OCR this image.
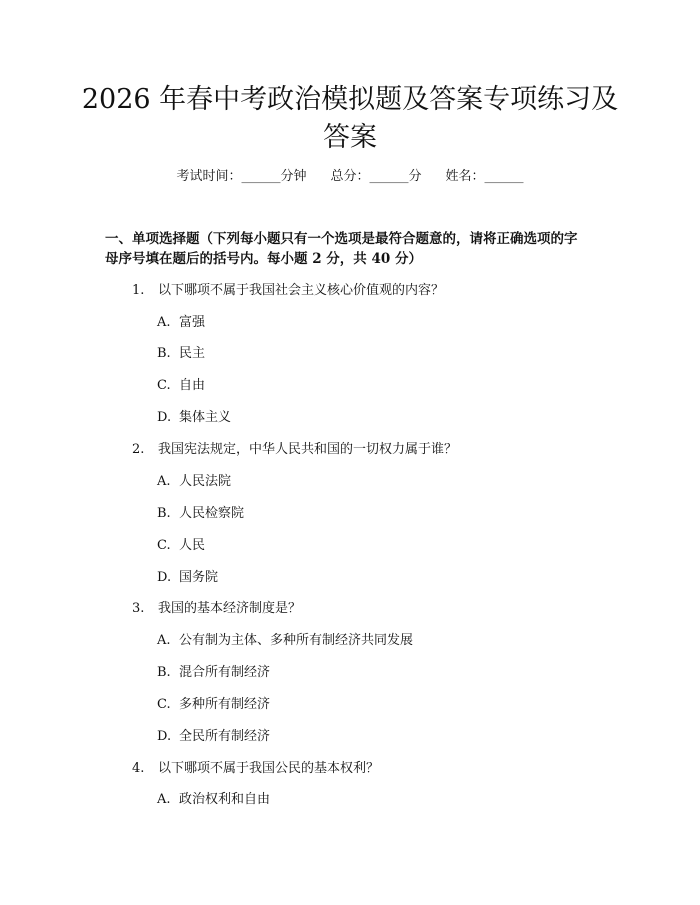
2026 年春中考政治模拟题及答案专项练习及
答案
考试时间：______分钟 总分：______分 姓名：______

一、单项选择题（下列每小题只有一个选项是最符合题意的，请将正确选项的字

母序号填在题后的括号内。每小题 2 分，共 40 分）

1. 以下哪项不属于我国社会主义核心价值观的内容？
A. 富强
B. 民主
C. 自由
D. 集体主义
2. 我国宪法规定，中华人民共和国的一切权力属于谁？
A. 人民法院
B. 人民检察院
C. 人民
D. 国务院
3. 我国的基本经济制度是？
A. 公有制为主体、多种所有制经济共同发展
B. 混合所有制经济
C. 多种所有制经济
D. 全民所有制经济
4. 以下哪项不属于我国公民的基本权利？
A. 政治权利和自由
